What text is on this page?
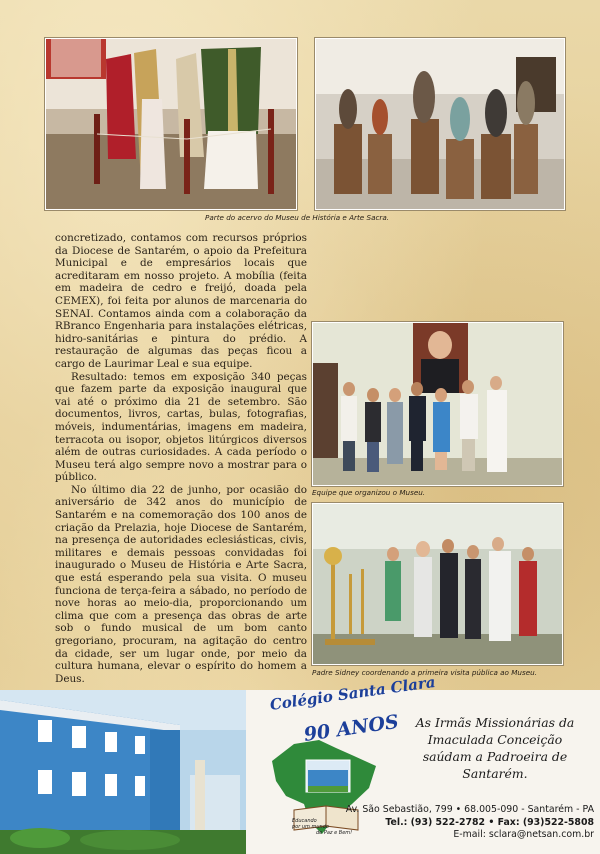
Parte do acervo do Museu de História e Arte Sacra.

concretizado, contamos com recursos próprios da Diocese de Santarém, o apoio da Prefeitura Municipal e de empresários locais que acreditaram em nosso projeto. A mobília (feita em madeira de cedro e freijó, doada pela CEMEX), foi feita por alunos de marcenaria do SENAI. Contamos ainda com a colaboração da RBranco Engenharia para instalações elétricas, hidro-sanitárias e pintura do prédio. A restauração de algumas das peças ficou a cargo de Laurimar Leal e sua equipe.

Resultado: temos em exposição 340 peças que fazem parte da exposição inaugural que vai até o próximo dia 21 de setembro. São documentos, livros, cartas, bulas, fotografias, móveis, indumentárias, imagens em madeira, terracota ou isopor, objetos litúrgicos diversos além de outras curiosidades. A cada período o Museu terá algo sempre novo a mostrar para o público.

No último dia 22 de junho, por ocasião do aniversário de 342 anos do município de Santarém e na comemoração dos 100 anos de criação da Prelazia, hoje Diocese de Santarém, na presença de autoridades eclesiásticas, civis, militares e demais pessoas convidadas foi inaugurado o Museu de História e Arte Sacra, que está esperando pela sua visita. O museu funciona de terça-feira a sábado, no período de nove horas ao meio-dia, proporcionando um clima que com a presença das obras de arte sob o fundo musical de um bom canto gregoriano, procuram, na agitação do centro da cidade, ser um lugar onde, por meio da cultura humana, elevar o espírito do homem a Deus.

Equipe que organizou o Museu.
Padre Sidney coordenando a primeira visita pública ao Museu.
Colégio Santa Clara
90 ANOS
Educando
por um mundo
de Paz e Bem!
As Irmãs Missionárias da
Imaculada Conceição
saúdam a Padroeira de Santarém.
Av. São Sebastião, 799 • 68.005-090 - Santarém - PA
Tel.: (93) 522-2782 • Fax: (93)522-5808
E-mail: sclara@netsan.com.br
